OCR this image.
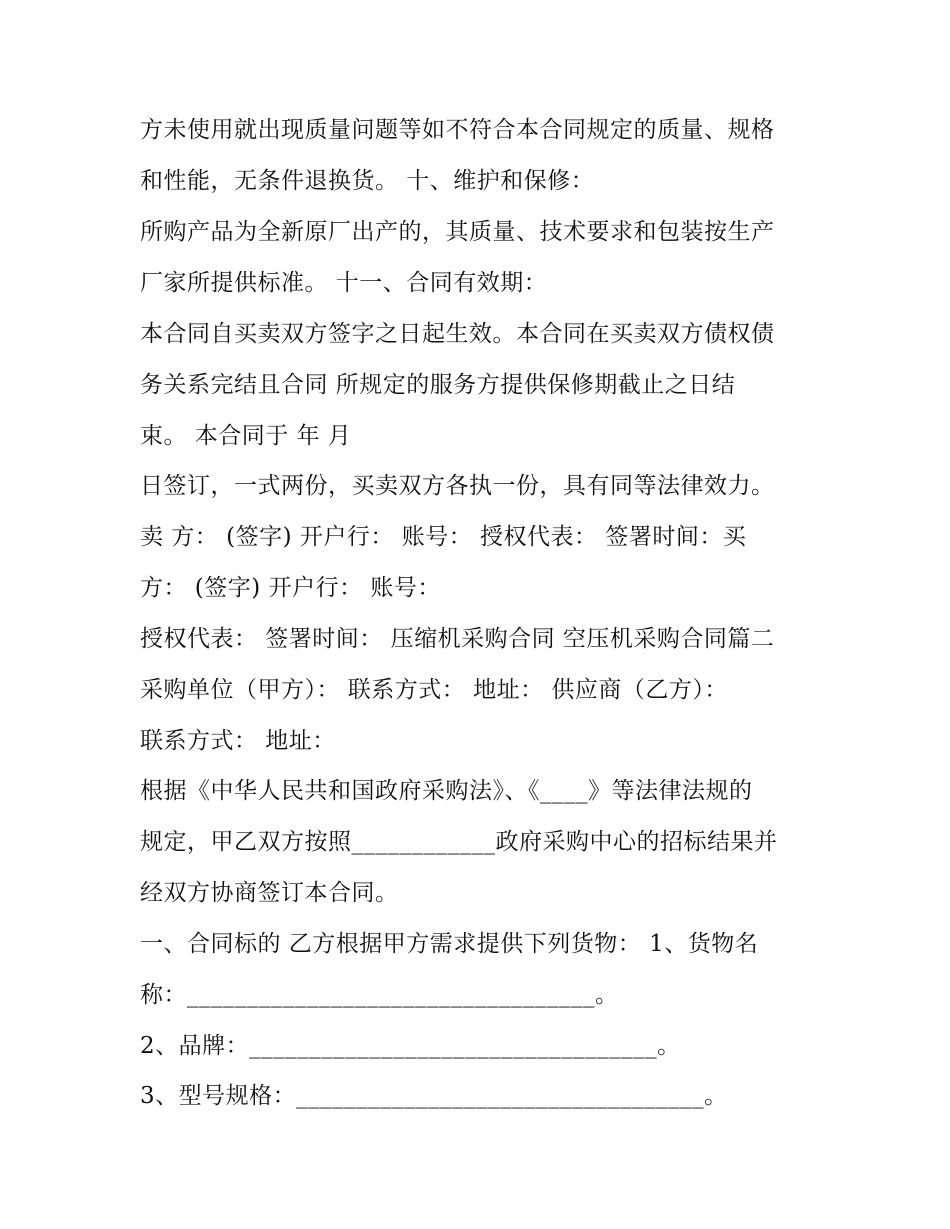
方未使用就出现质量问题等如不符合本合同规定的质量、规格
和性能，无条件退换货。 十、维护和保修：
所购产品为全新原厂出产的，其质量、技术要求和包装按生产
厂家所提供标准。 十一、合同有效期：
本合同自买卖双方签字之日起生效。本合同在买卖双方债权债
务关系完结且合同 所规定的服务方提供保修期截止之日结
束。 本合同于 年 月
日签订，一式两份，买卖双方各执一份，具有同等法律效力。
卖 方： (签字) 开户行： 账号： 授权代表： 签署时间：买
方： (签字) 开户行： 账号：
授权代表： 签署时间： 压缩机采购合同 空压机采购合同篇二
采购单位（甲方）： 联系方式： 地址： 供应商（乙方）：
联系方式： 地址：
根据《中华人民共和国政府采购法》、《____》等法律法规的
规定，甲乙双方按照____________政府采购中心的招标结果并
经双方协商签订本合同。
一、合同标的 乙方根据甲方需求提供下列货物： 1、货物名
称：__________________________________。
2、品牌：__________________________________。
3、型号规格：__________________________________。
